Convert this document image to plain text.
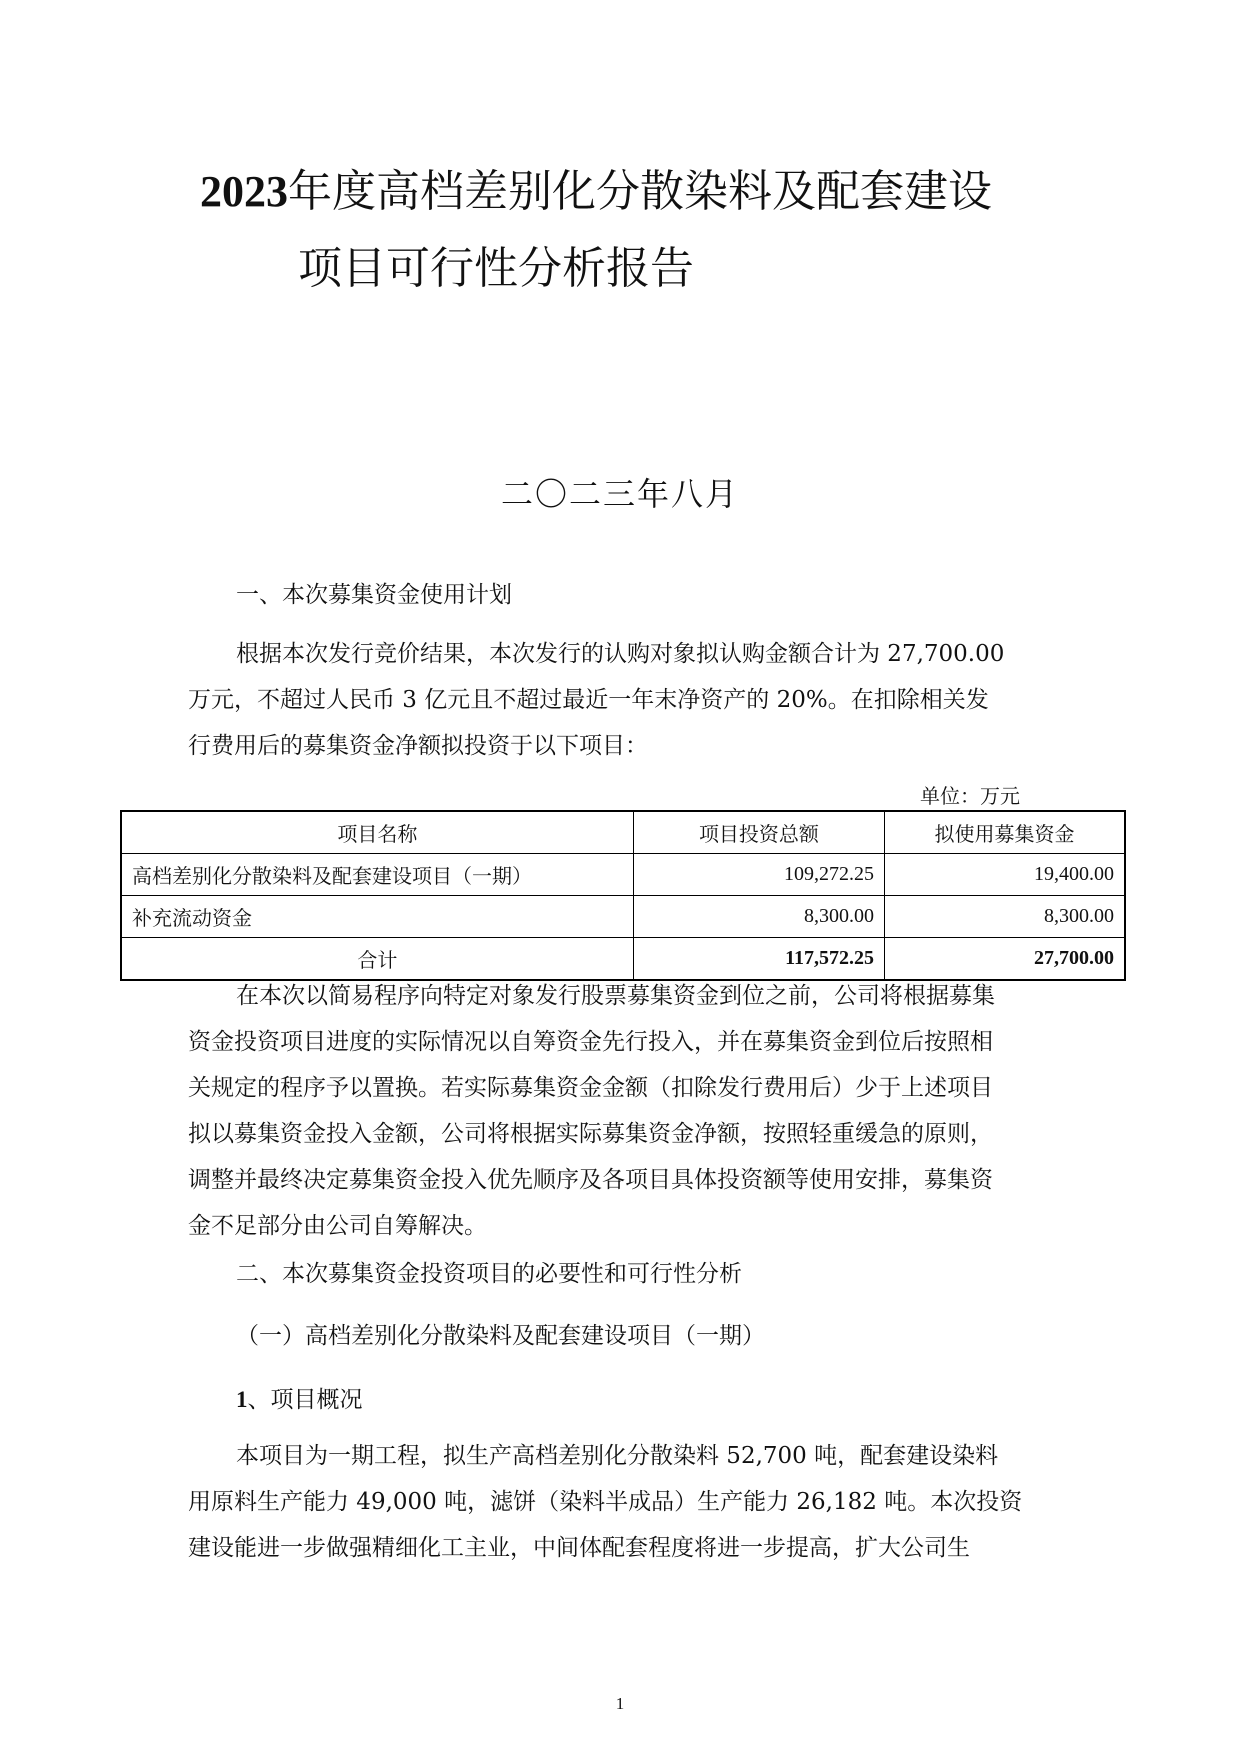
2023年度高档差别化分散染料及配套建设
项目可行性分析报告
二〇二三年八月
一、本次募集资金使用计划
根据本次发行竞价结果，本次发行的认购对象拟认购金额合计为 27,700.00
万元，不超过人民币 3 亿元且不超过最近一年末净资产的 20%。在扣除相关发
行费用后的募集资金净额拟投资于以下项目：
单位：万元
项目名称	项目投资总额	拟使用募集资金
高档差别化分散染料及配套建设项目（一期）	109,272.25	19,400.00
补充流动资金	8,300.00	8,300.00
合计	117,572.25	27,700.00
在本次以简易程序向特定对象发行股票募集资金到位之前，公司将根据募集
资金投资项目进度的实际情况以自筹资金先行投入，并在募集资金到位后按照相
关规定的程序予以置换。若实际募集资金金额（扣除发行费用后）少于上述项目
拟以募集资金投入金额，公司将根据实际募集资金净额，按照轻重缓急的原则，
调整并最终决定募集资金投入优先顺序及各项目具体投资额等使用安排，募集资
金不足部分由公司自筹解决。
二、本次募集资金投资项目的必要性和可行性分析
（一）高档差别化分散染料及配套建设项目（一期）
1、项目概况
本项目为一期工程，拟生产高档差别化分散染料 52,700 吨，配套建设染料
用原料生产能力 49,000 吨，滤饼（染料半成品）生产能力 26,182 吨。本次投资
建设能进一步做强精细化工主业，中间体配套程度将进一步提高，扩大公司生
1
